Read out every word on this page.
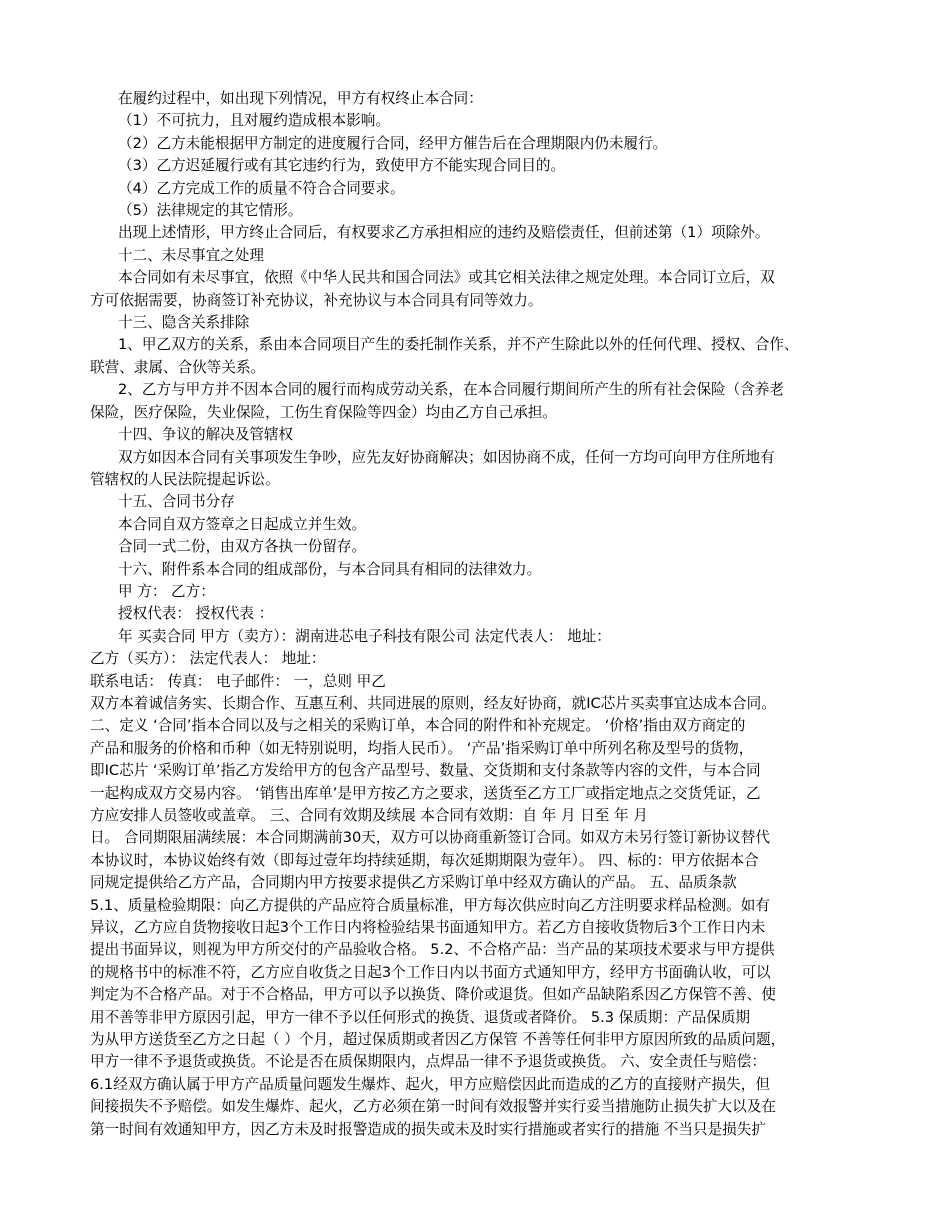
在履约过程中，如出现下列情况，甲方有权终止本合同：
（1）不可抗力，且对履约造成根本影响。
（2）乙方未能根据甲方制定的进度履行合同，经甲方催告后在合理期限内仍未履行。
（3）乙方迟延履行或有其它违约行为，致使甲方不能实现合同目的。
（4）乙方完成工作的质量不符合合同要求。
（5）法律规定的其它情形。
出现上述情形，甲方终止合同后，有权要求乙方承担相应的违约及赔偿责任，但前述第（1）项除外。
十二、未尽事宜之处理
本合同如有未尽事宜，依照《中华人民共和国合同法》或其它相关法律之规定处理。本合同订立后，双
方可依据需要，协商签订补充协议，补充协议与本合同具有同等效力。
十三、隐含关系排除
1、甲乙双方的关系，系由本合同项目产生的委托制作关系，并不产生除此以外的任何代理、授权、合作、
联营、隶属、合伙等关系。
2、乙方与甲方并不因本合同的履行而构成劳动关系，在本合同履行期间所产生的所有社会保险（含养老
保险，医疗保险，失业保险，工伤生育保险等四金）均由乙方自己承担。
十四、争议的解决及管辖权
双方如因本合同有关事项发生争吵，应先友好协商解决；如因协商不成，任何一方均可向甲方住所地有
管辖权的人民法院提起诉讼。
十五、合同书分存
本合同自双方签章之日起成立并生效。
合同一式二份，由双方各执一份留存。
十六、附件系本合同的组成部份，与本合同具有相同的法律效力。
甲 方： 乙方：
授权代表： 授权代表 ：
年 买卖合同 甲方（卖方）：湖南进芯电子科技有限公司 法定代表人： 地址：
乙方（买方）： 法定代表人： 地址：
联系电话： 传真： 电子邮件： 一，总则 甲乙
双方本着诚信务实、长期合作、互惠互利、共同进展的原则，经友好协商，就IC芯片买卖事宜达成本合同。
二、定义 ‘合同’指本合同以及与之相关的采购订单，本合同的附件和补充规定。 ‘价格’指由双方商定的
产品和服务的价格和币种（如无特别说明，均指人民币）。 ‘产品’指采购订单中所列名称及型号的货物，
即IC芯片 ‘采购订单’指乙方发给甲方的包含产品型号、数量、交货期和支付条款等内容的文件，与本合同
一起构成双方交易内容。 ‘销售出库单’是甲方按乙方之要求，送货至乙方工厂或指定地点之交货凭证，乙
方应安排人员签收或盖章。 三、合同有效期及续展 本合同有效期：自 年 月 日至 年 月
日。 合同期限届满续展：本合同期满前30天，双方可以协商重新签订合同。如双方未另行签订新协议替代
本协议时，本协议始终有效（即每过壹年均持续延期，每次延期期限为壹年）。 四、标的：甲方依据本合
同规定提供给乙方产品，合同期内甲方按要求提供乙方采购订单中经双方确认的产品。 五、品质条款
5.1、质量检验期限：向乙方提供的产品应符合质量标准，甲方每次供应时向乙方注明要求样品检测。如有
异议，乙方应自货物接收日起3个工作日内将检验结果书面通知甲方。若乙方自接收货物后3个工作日内未
提出书面异议，则视为甲方所交付的产品验收合格。 5.2、不合格产品：当产品的某项技术要求与甲方提供
的规格书中的标准不符，乙方应自收货之日起3个工作日内以书面方式通知甲方，经甲方书面确认收，可以
判定为不合格产品。对于不合格品，甲方可以予以换货、降价或退货。但如产品缺陷系因乙方保管不善、使
用不善等非甲方原因引起，甲方一律不予以任何形式的换货、退货或者降价。 5.3 保质期：产品保质期
为从甲方送货至乙方之日起（ ）个月，超过保质期或者因乙方保管 不善等任何非甲方原因所致的品质问题，
甲方一律不予退货或换货。不论是否在质保期限内，点焊品一律不予退货或换货。 六、安全责任与赔偿：
6.1经双方确认属于甲方产品质量问题发生爆炸、起火，甲方应赔偿因此而造成的乙方的直接财产损失，但
间接损失不予赔偿。如发生爆炸、起火，乙方必须在第一时间有效报警并实行妥当措施防止损失扩大以及在
第一时间有效通知甲方，因乙方未及时报警造成的损失或未及时实行措施或者实行的措施 不当只是损失扩
